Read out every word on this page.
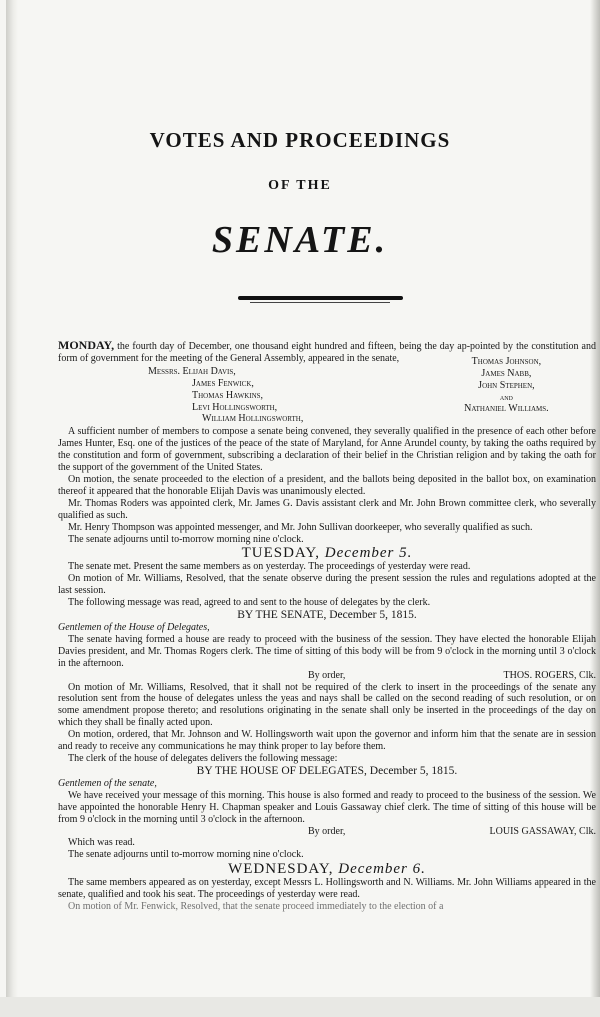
VOTES AND PROCEEDINGS
OF THE
SENATE.

MONDAY, the fourth day of December, one thousand eight hundred and fifteen, being the day ap-pointed by the constitution and form of government for the meeting of the General Assembly, appeared in the senate,

Messrs. Elijah Davis,
James Fenwick,
Thomas Hawkins,
Levi Hollingsworth,
William Hollingsworth,
Thomas Johnson,
James Nabb,
John Stephen,
and
Nathaniel Williams.

A sufficient number of members to compose a senate being convened, they severally qualified in the presence of each other before James Hunter, Esq. one of the justices of the peace of the state of Maryland, for Anne Arundel county, by taking the oaths required by the constitution and form of government, subscribing a declaration of their belief in the Christian religion and by taking the oath for the support of the government of the United States.

On motion, the senate proceeded to the election of a president, and the ballots being deposited in the ballot box, on examination thereof it appeared that the honorable Elijah Davis was unanimously elected.

Mr. Thomas Roders was appointed clerk, Mr. James G. Davis assistant clerk and Mr. John Brown committee clerk, who severally qualified as such.

Mr. Henry Thompson was appointed messenger, and Mr. John Sullivan doorkeeper, who severally qualified as such.

The senate adjourns until to-morrow morning nine o'clock.

TUESDAY, December 5.

The senate met. Present the same members as on yesterday. The proceedings of yesterday were read.

On motion of Mr. Williams, Resolved, that the senate observe during the present session the rules and regulations adopted at the last session.

The following message was read, agreed to and sent to the house of delegates by the clerk.

BY THE SENATE, December 5, 1815.

Gentlemen of the House of Delegates,

The senate having formed a house are ready to proceed with the business of the session. They have elected the honorable Elijah Davies president, and Mr. Thomas Rogers clerk. The time of sitting of this body will be from 9 o'clock in the morning until 3 o'clock in the afternoon.

By order,	THOS. ROGERS, Clk.

On motion of Mr. Williams, Resolved, that it shall not be required of the clerk to insert in the proceedings of the senate any resolution sent from the house of delegates unless the yeas and nays shall be called on the second reading of such resolution, or on some amendment propose thereto; and resolutions originating in the senate shall only be inserted in the proceedings of the day on which they shall be finally acted upon.

On motion, ordered, that Mr. Johnson and W. Hollingsworth wait upon the governor and inform him that the senate are in session and ready to receive any communications he may think proper to lay before them.

The clerk of the house of delegates delivers the following message:

BY THE HOUSE OF DELEGATES, December 5, 1815.

Gentlemen of the senate,

We have received your message of this morning. This house is also formed and ready to proceed to the business of the session. We have appointed the honorable Henry H. Chapman speaker and Louis Gassaway chief clerk. The time of sitting of this house will be from 9 o'clock in the morning until 3 o'clock in the afternoon.

By order,	LOUIS GASSAWAY, Clk.

Which was read.

The senate adjourns until to-morrow morning nine o'clock.

WEDNESDAY, December 6.

The same members appeared as on yesterday, except Messrs L. Hollingsworth and N. Williams. Mr. John Williams appeared in the senate, qualified and took his seat. The proceedings of yesterday were read.

On motion of Mr. Fenwick, Resolved, that the senate proceed immediately to the election of a
